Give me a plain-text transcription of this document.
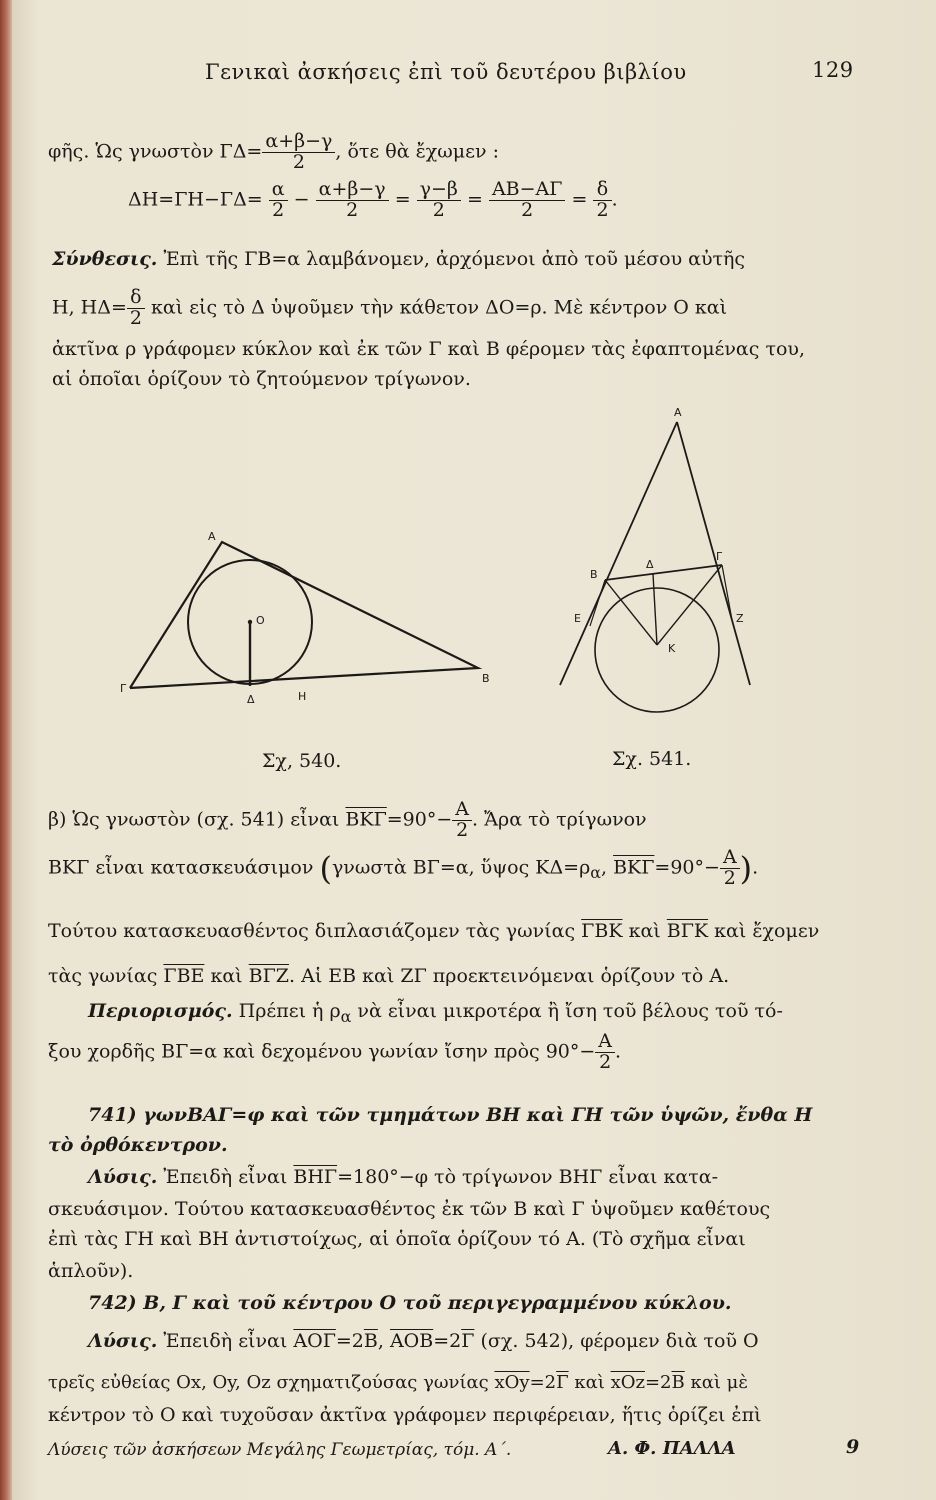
Γενικαὶ ἀσκήσεις ἐπὶ τοῦ δευτέρου βιβλίου	129
φῆς. Ὡς γνωστὸν $\Gamma\Delta= \frac{\alpha+\beta-\gamma}{2}$ , ὅτε θὰ ἔχωμεν :
$\Delta H=\Gamma H-\Gamma\Delta= \frac{\alpha}{2} - \frac{\alpha+\beta-\gamma}{2} = \frac{\gamma-\beta}{2} = \frac{AB-A\Gamma}{2} = \frac{\delta}{2}$ .
Σύνθεσις. Ἐπὶ τῆς ΓΒ=α λαμβάνομεν, ἀρχόμενοι ἀπὸ τοῦ μέσου αὐτῆς
Η, $H\Delta= \frac{\delta}{2}$ καὶ εἰς τὸ Δ ὑψοῦμεν τὴν κάθετον ΔΟ=ρ. Μὲ κέντρον Ο καὶ
ἀκτῖνα ρ γράφομεν κύκλον καὶ ἐκ τῶν Γ καὶ Β φέρομεν τὰς ἐφαπτομένας του,
αἱ ὁποῖαι ὁρίζουν τὸ ζητούμενον τρίγωνον.
Α
Ο
Γ
Δ	Η
Β
Α
Β
Δ
Γ
Ε	Ζ
Κ
Σχ, 540.	Σχ. 541.
β) Ὡς γνωστὸν (σχ. 541) εἶναι $\overline{BK\Gamma}=90^\circ- \frac{A}{2}$ . Ἄρα τὸ τρίγωνον
ΒΚΓ εἶναι κατασκευάσιμον (γνωστὰ ΒΓ=α, ὕψος $K\Delta=\rho_\alpha$, $\overline{BK\Gamma}=90^\circ- \frac{A}{2}$ ).
Τούτου κατασκευασθέντος διπλασιάζομεν τὰς γωνίας $\overline{\Gamma BK}$ καὶ $\overline{B\Gamma K}$ καὶ ἔχομεν
τὰς γωνίας $\overline{\Gamma BE}$ καὶ $\overline{B\Gamma Z}$. Αἱ ΕΒ καὶ ΖΓ προεκτεινόμεναι ὁρίζουν τὸ Α.
Περιορισμός. Πρέπει ἡ $\rho_\alpha$ νὰ εἶναι μικροτέρα ἢ ἴση τοῦ βέλους τοῦ τό-
ξου χορδῆς ΒΓ=α καὶ δεχομένου γωνίαν ἴσην πρὸς $90^\circ- \frac{A}{2}$ .
741) γωνΒΑΓ=φ καὶ τῶν τμημάτων ΒΗ καὶ ΓΗ τῶν ὑψῶν, ἔνθα Η
τὸ ὀρθόκεντρον.
Λύσις. Ἐπειδὴ εἶναι $\overline{BH\Gamma}=180^\circ-\varphi$ τὸ τρίγωνον ΒΗΓ εἶναι κατα-
σκευάσιμον. Τούτου κατασκευασθέντος ἐκ τῶν Β καὶ Γ ὑψοῦμεν καθέτους
ἐπὶ τὰς ΓΗ καὶ ΒΗ ἀντιστοίχως, αἱ ὁποῖα ὁρίζουν τό Α. (Τὸ σχῆμα εἶναι
ἁπλοῦν).
742) Β, Γ καὶ τοῦ κέντρου Ο τοῦ περιγεγραμμένου κύκλου.
Λύσις. Ἐπειδὴ εἶναι $\overline{AO\Gamma}=2\overline{B}$, $\overline{AOB}=2\overline{\Gamma}$ (σχ. 542), φέρομεν διὰ τοῦ Ο
τρεῖς εὐθείας Οx, Οy, Οz σχηματιζούσας γωνίας $\overline{xOy}=2\overline{\Gamma}$ καὶ $\overline{xOz}=2\overline{B}$ καὶ μὲ
κέντρον τὸ Ο καὶ τυχοῦσαν ἀκτῖνα γράφομεν περιφέρειαν, ἥτις ὁρίζει ἐπὶ
Λύσεις τῶν ἀσκήσεων Μεγάλης Γεωμετρίας, τόμ. Α΄.	Α. Φ. ΠΑΛΛΑ	9
